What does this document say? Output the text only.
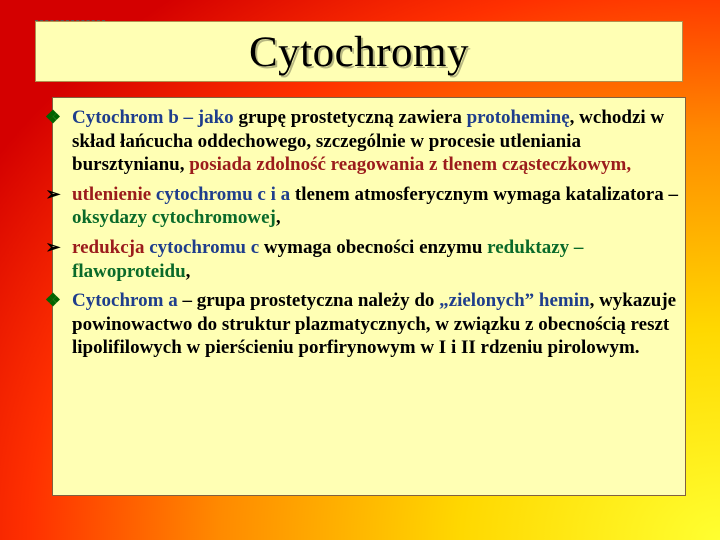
Cytochromy
❖ Cytochrom b – jako grupę prostetyczną zawiera protoheminę, wchodzi w skład łańcucha oddechowego, szczególnie w procesie utleniania bursztynianu, posiada zdolność reagowania z tlenem cząsteczkowym,
➢ utlenienie cytochromu c i a tlenem atmosferycznym wymaga katalizatora – oksydazy cytochromowej,
➢ redukcja cytochromu c wymaga obecności enzymu reduktazy – flawoproteidu,
❖ Cytochrom a – grupa prostetyczna należy do „zielonych” hemin, wykazuje powinowactwo do struktur plazmatycznych, w związku z obecnością reszt lipolifilowych w pierścieniu porfirynowym w I i II rdzeniu pirolowym.
